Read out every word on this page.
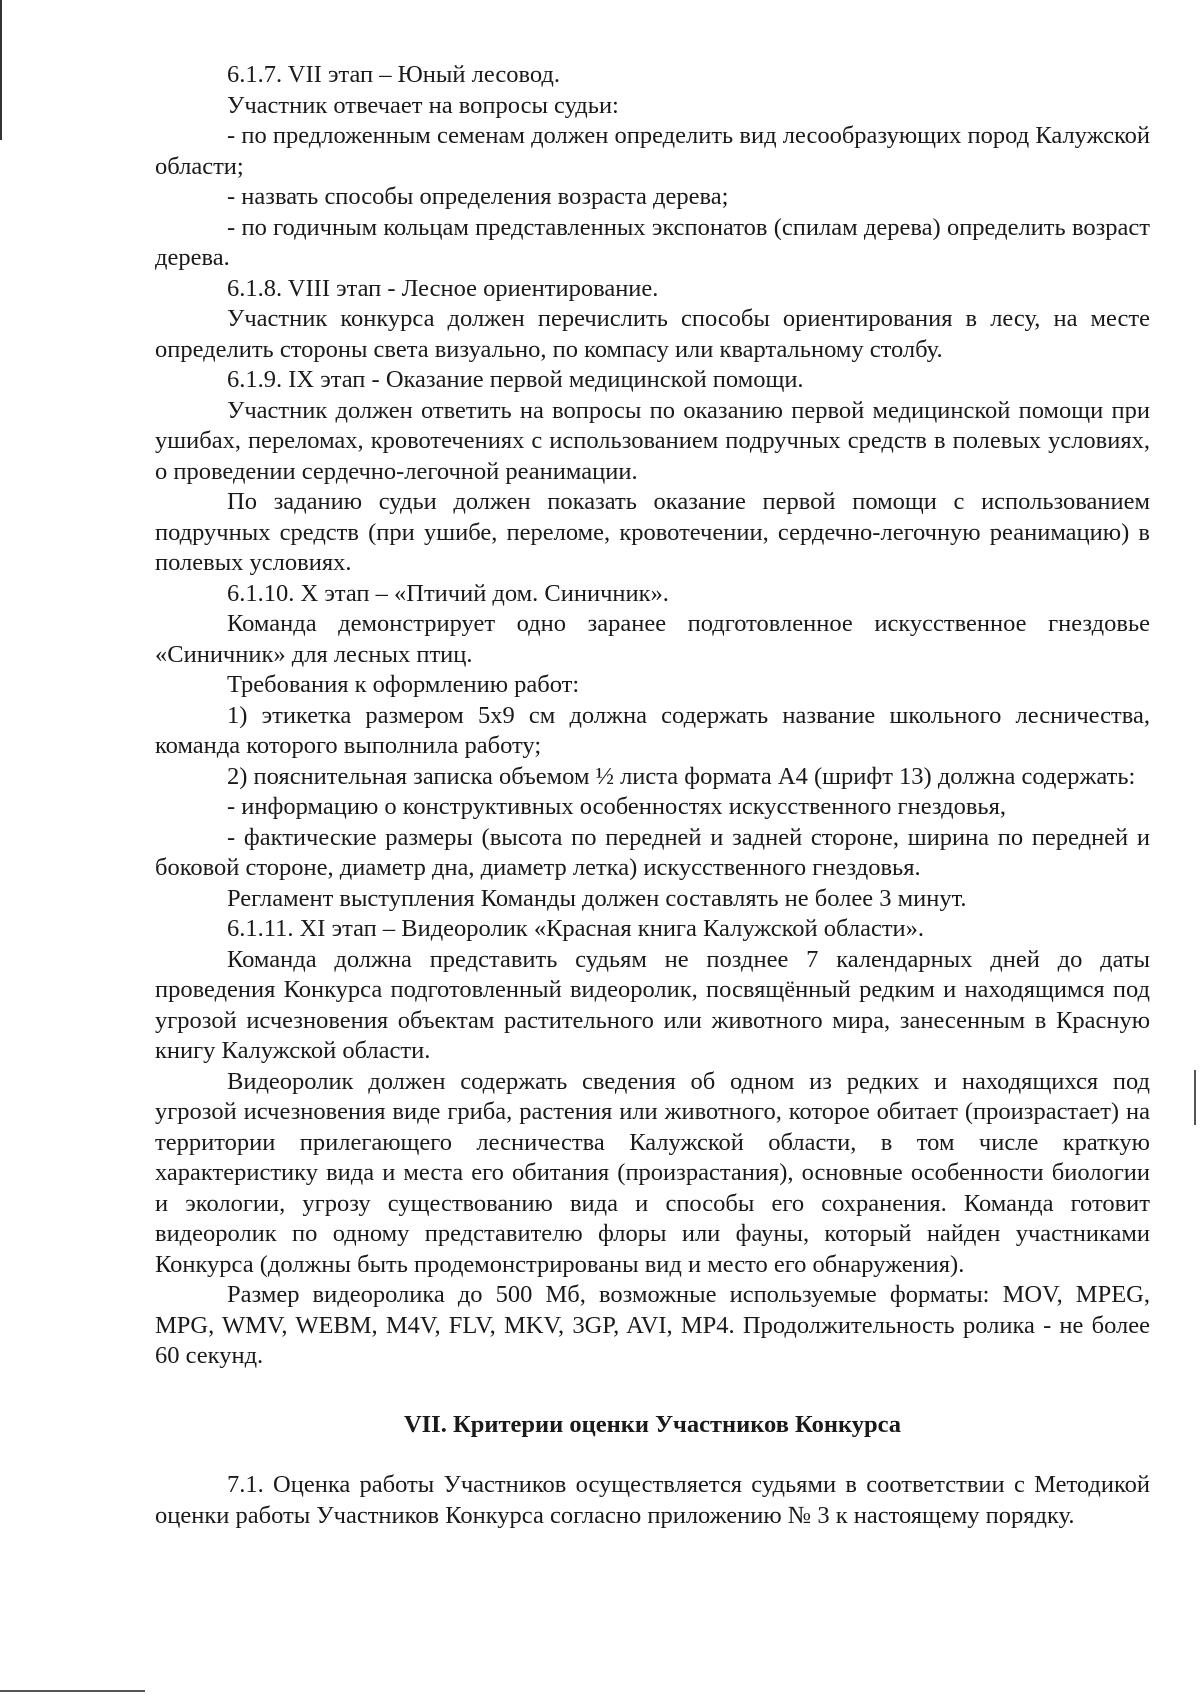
6.1.7. VII этап – Юный лесовод.

Участник отвечает на вопросы судьи:

- по предложенным семенам должен определить вид лесообразующих пород Калужской области;

- назвать способы определения возраста дерева;

- по годичным кольцам представленных экспонатов (спилам дерева) определить возраст дерева.

6.1.8. VIII этап - Лесное ориентирование.

Участник конкурса должен перечислить способы ориентирования в лесу, на месте определить стороны света визуально, по компасу или квартальному столбу.

6.1.9. IX этап - Оказание первой медицинской помощи.

Участник должен ответить на вопросы по оказанию первой медицинской помощи при ушибах, переломах, кровотечениях с использованием подручных средств в полевых условиях, о проведении сердечно-легочной реанимации.

По заданию судьи должен показать оказание первой помощи с использованием подручных средств (при ушибе, переломе, кровотечении, сердечно-легочную реанимацию) в полевых условиях.

6.1.10. X этап – «Птичий дом. Синичник».

Команда демонстрирует одно заранее подготовленное искусственное гнездовье «Синичник» для лесных птиц.

Требования к оформлению работ:

1) этикетка размером 5х9 см должна содержать название школьного лесничества, команда которого выполнила работу;

2) пояснительная записка объемом ½ листа формата А4 (шрифт 13) должна содержать:

- информацию о конструктивных особенностях искусственного гнездовья,

- фактические размеры (высота по передней и задней стороне, ширина по передней и боковой стороне, диаметр дна, диаметр летка) искусственного гнездовья.

Регламент выступления Команды должен составлять не более 3 минут.

6.1.11. XI этап – Видеоролик «Красная книга Калужской области».

Команда должна представить судьям не позднее 7 календарных дней до даты проведения Конкурса подготовленный видеоролик, посвящённый редким и находящимся под угрозой исчезновения объектам растительного или животного мира, занесенным в Красную книгу Калужской области.

Видеоролик должен содержать сведения об одном из редких и находящихся под угрозой исчезновения виде гриба, растения или животного, которое обитает (произрастает) на территории прилегающего лесничества Калужской области, в том числе краткую характеристику вида и места его обитания (произрастания), основные особенности биологии и экологии, угрозу существованию вида и способы его сохранения. Команда готовит видеоролик по одному представителю флоры или фауны, который найден участниками Конкурса (должны быть продемонстрированы вид и место его обнаружения).

Размер видеоролика до 500 Мб, возможные используемые форматы: MOV, MPEG, MPG, WMV, WEBM, M4V, FLV, MKV, 3GP, AVI, MP4. Продолжительность ролика - не более 60 секунд.

VII. Критерии оценки Участников Конкурса

7.1. Оценка работы Участников осуществляется судьями в соответствии с Методикой оценки работы Участников Конкурса согласно приложению № 3 к настоящему порядку.
